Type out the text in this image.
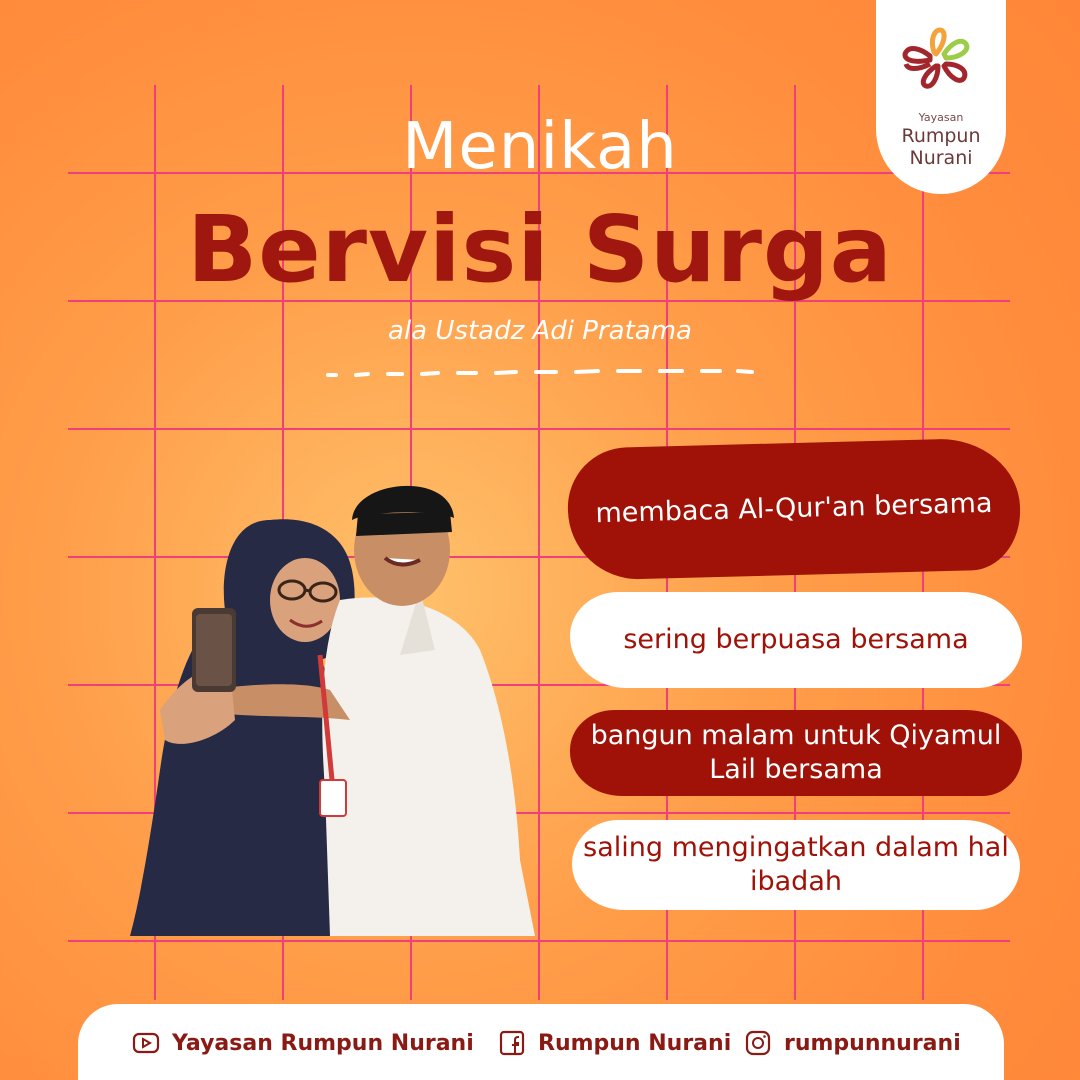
Yayasan
Rumpun
Nurani
Menikah
Bervisi Surga
ala Ustadz Adi Pratama
membaca Al-Qur'an bersama
sering berpuasa bersama
bangun malam untuk Qiyamul Lail bersama
saling mengingatkan dalam hal ibadah
Yayasan Rumpun Nurani	Rumpun Nurani rumpunnurani
